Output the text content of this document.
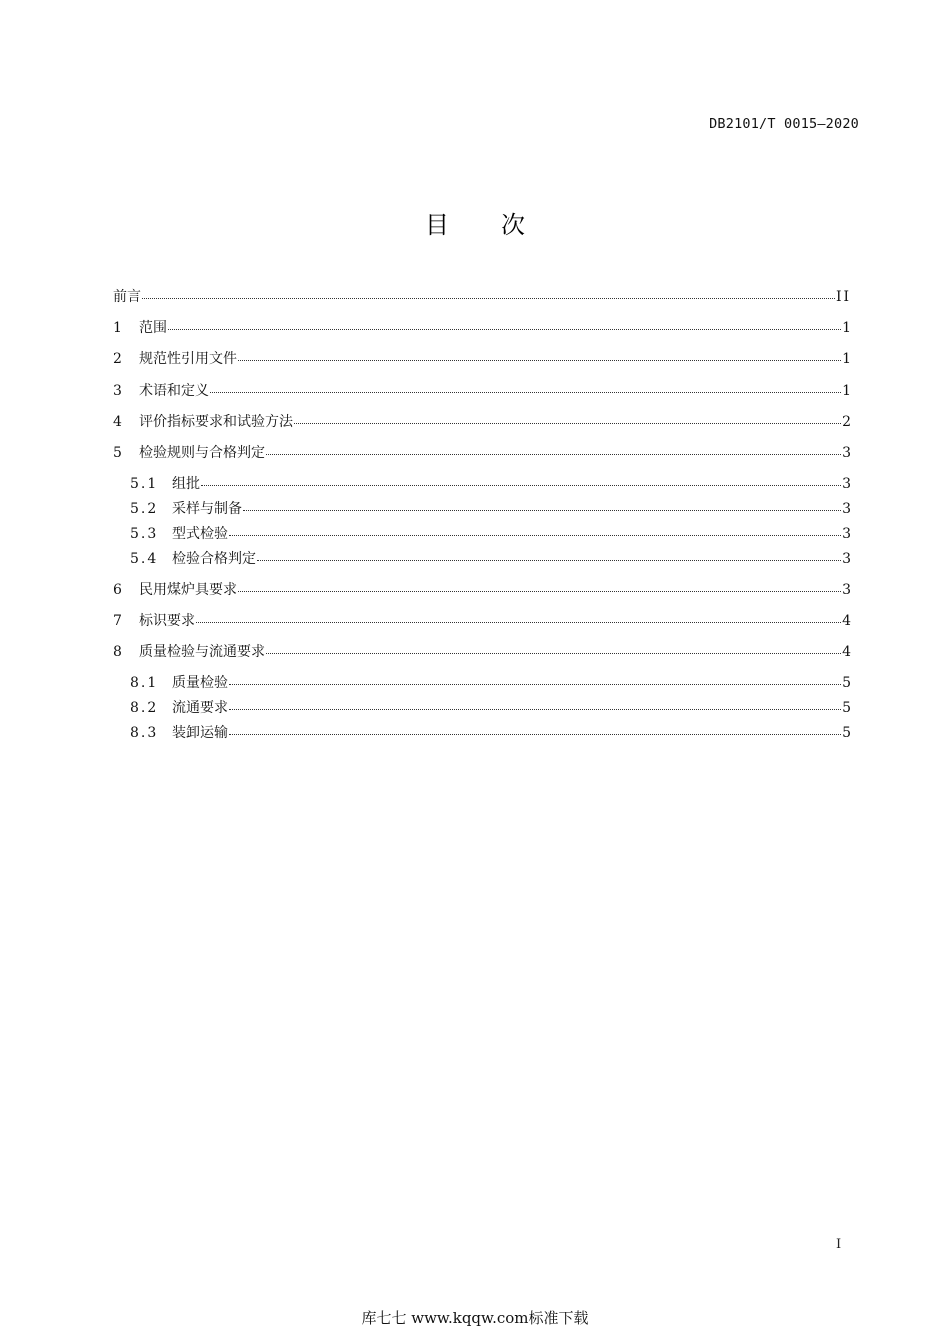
DB2101/T 0015—2020
目次
前言	II
1	范围	1
2	规范性引用文件	1
3	术语和定义	1
4	评价指标要求和试验方法	2
5	检验规则与合格判定	3
5.1 组批	3
5.2 采样与制备	3
5.3 型式检验	3
5.4 检验合格判定	3
6	民用煤炉具要求	3
7	标识要求	4
8	质量检验与流通要求	4
8.1 质量检验	5
8.2 流通要求	5
8.3 装卸运输	5
I
库七七 www.kqqw.com标准下载
